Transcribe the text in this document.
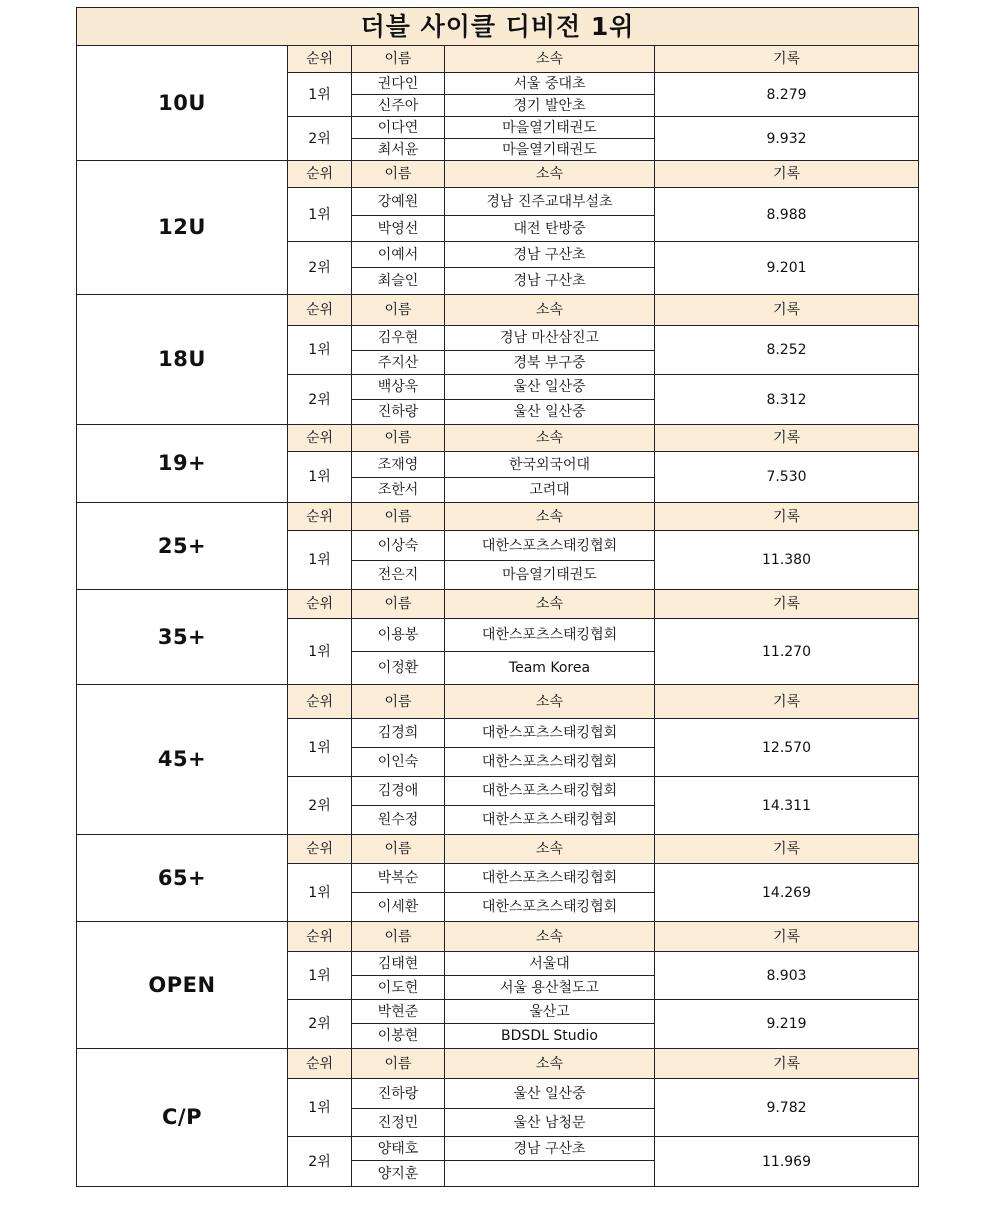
더블 사이클 디비전 1위				
10U	순위	이름	소속	기록
	1위	권다인	서울 중대초	8.279
		신주아	경기 발안초	
	2위	이다연	마을열기태권도	9.932
		최서윤	마을열기태권도	
12U	순위	이름	소속	기록
	1위	강예원	경남 진주교대부설초	8.988
		박영선	대전 탄방중	
	2위	이예서	경남 구산초	9.201
		최슬인	경남 구산초	
18U	순위	이름	소속	기록
	1위	김우현	경남 마산삼진고	8.252
		주지산	경북 부구중	
	2위	백상욱	울산 일산중	8.312
		진하랑	울산 일산중	
19+	순위	이름	소속	기록
	1위	조재영	한국외국어대	7.530
		조한서	고려대	
25+	순위	이름	소속	기록
	1위	이상숙	대한스포츠스태킹협회	11.380
		전은지	마음열기태권도	
35+	순위	이름	소속	기록
	1위	이용봉	대한스포츠스태킹협회	11.270
		이정환	Team Korea	
45+	순위	이름	소속	기록
	1위	김경희	대한스포츠스태킹협회	12.570
		이인숙	대한스포츠스태킹협회	
	2위	김경애	대한스포츠스태킹협회	14.311
		원수정	대한스포츠스태킹협회	
65+	순위	이름	소속	기록
	1위	박복순	대한스포츠스태킹협회	14.269
		이세환	대한스포츠스태킹협회	
OPEN	순위	이름	소속	기록
	1위	김태현	서울대	8.903
		이도헌	서울 용산철도고	
	2위	박현준	울산고	9.219
		이봉현	BDSDL Studio	
C/P	순위	이름	소속	기록
	1위	진하랑	울산 일산중	9.782
		진정민	울산 남청문	
	2위	양태호	경남 구산초	11.969
		양지훈		
